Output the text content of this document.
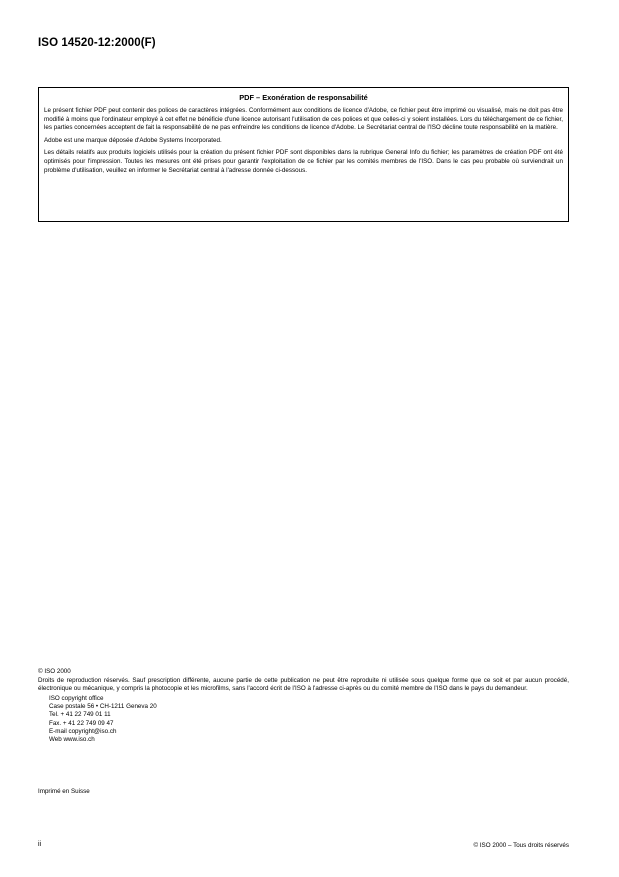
ISO 14520-12:2000(F)
PDF – Exonération de responsabilité

Le présent fichier PDF peut contenir des polices de caractères intégrées. Conformément aux conditions de licence d'Adobe, ce fichier peut être imprimé ou visualisé, mais ne doit pas être modifié à moins que l'ordinateur employé à cet effet ne bénéficie d'une licence autorisant l'utilisation de ces polices et que celles-ci y soient installées. Lors du téléchargement de ce fichier, les parties concernées acceptent de fait la responsabilité de ne pas enfreindre les conditions de licence d'Adobe. Le Secrétariat central de l'ISO décline toute responsabilité en la matière.

Adobe est une marque déposée d'Adobe Systems Incorporated.

Les détails relatifs aux produits logiciels utilisés pour la création du présent fichier PDF sont disponibles dans la rubrique General Info du fichier; les paramètres de création PDF ont été optimisés pour l'impression. Toutes les mesures ont été prises pour garantir l'exploitation de ce fichier par les comités membres de l'ISO. Dans le cas peu probable où surviendrait un problème d'utilisation, veuillez en informer le Secrétariat central à l'adresse donnée ci-dessous.

© ISO 2000

Droits de reproduction réservés. Sauf prescription différente, aucune partie de cette publication ne peut être reproduite ni utilisée sous quelque forme que ce soit et par aucun procédé, électronique ou mécanique, y compris la photocopie et les microfilms, sans l'accord écrit de l'ISO à l'adresse ci-après ou du comité membre de l'ISO dans le pays du demandeur.

ISO copyright office
Case postale 56 • CH-1211 Geneva 20
Tel. + 41 22 749 01 11
Fax. + 41 22 749 09 47
E-mail copyright@iso.ch
Web www.iso.ch
Imprimé en Suisse
ii	© ISO 2000 – Tous droits réservés
